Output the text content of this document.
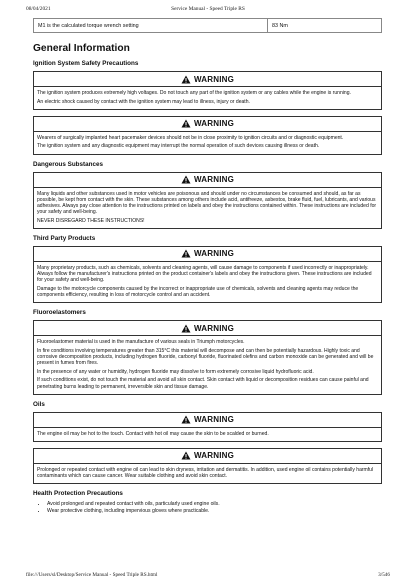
08/04/2021	Service Manual - Speed Triple RS
M1 is the calculated torque wrench setting	83 Nm
General Information
Ignition System Safety Precautions
WARNING

The ignition system produces extremely high voltages. Do not touch any part of the ignition system or any cables while the engine is running.

An electric shock caused by contact with the ignition system may lead to illness, injury or death.

WARNING

Wearers of surgically implanted heart pacemaker devices should not be in close proximity to ignition circuits and or diagnostic equipment.

The ignition system and any diagnostic equipment may interrupt the normal operation of such devices causing illness or death.

Dangerous Substances
WARNING

Many liquids and other substances used in motor vehicles are poisonous and should under no circumstances be consumed and should, as far as possible, be kept from contact with the skin. These substances among others include acid, antifreeze, asbestos, brake fluid, fuel, lubricants, and various adhesives. Always pay close attention to the instructions printed on labels and obey the instructions contained within. These instructions are included for your safety and well-being.

NEVER DISREGARD THESE INSTRUCTIONS!

Third Party Products
WARNING

Many proprietary products, such as chemicals, solvents and cleaning agents, will cause damage to components if used incorrectly or inappropriately. Always follow the manufacturer's instructions printed on the product container's labels and obey the instructions given. These instructions are included for your safety and well-being.

Damage to the motorcycle components caused by the incorrect or inappropriate use of chemicals, solvents and cleaning agents may reduce the components efficiency, resulting in loss of motorcycle control and an accident.

Fluoroelastomers
WARNING

Fluoroelastomer material is used in the manufacture of various seals in Triumph motorcycles.

In fire conditions involving temperatures greater than 315°C this material will decompose and can then be potentially hazardous. Highly toxic and corrosive decomposition products, including hydrogen fluoride, carbonyl fluoride, fluorinated olefins and carbon monoxide can be generated and will be present in fumes from fires.

In the presence of any water or humidity, hydrogen fluoride may dissolve to form extremely corrosive liquid hydrofluoric acid.

If such conditions exist, do not touch the material and avoid all skin contact. Skin contact with liquid or decomposition residues can cause painful and penetrating burns leading to permanent, irreversible skin and tissue damage.

Oils
WARNING

The engine oil may be hot to the touch. Contact with hot oil may cause the skin to be scalded or burned.

WARNING

Prolonged or repeated contact with engine oil can lead to skin dryness, irritation and dermatitis. In addition, used engine oil contains potentially harmful contaminants which can cause cancer. Wear suitable clothing and avoid skin contact.

Health Protection Precautions
• Avoid prolonged and repeated contact with oils, particularly used engine oils.
• Wear protective clothing, including impervious gloves where practicable.
file:///Users/sl/Desktop/Service Manual - Speed Triple RS.html	3/546
